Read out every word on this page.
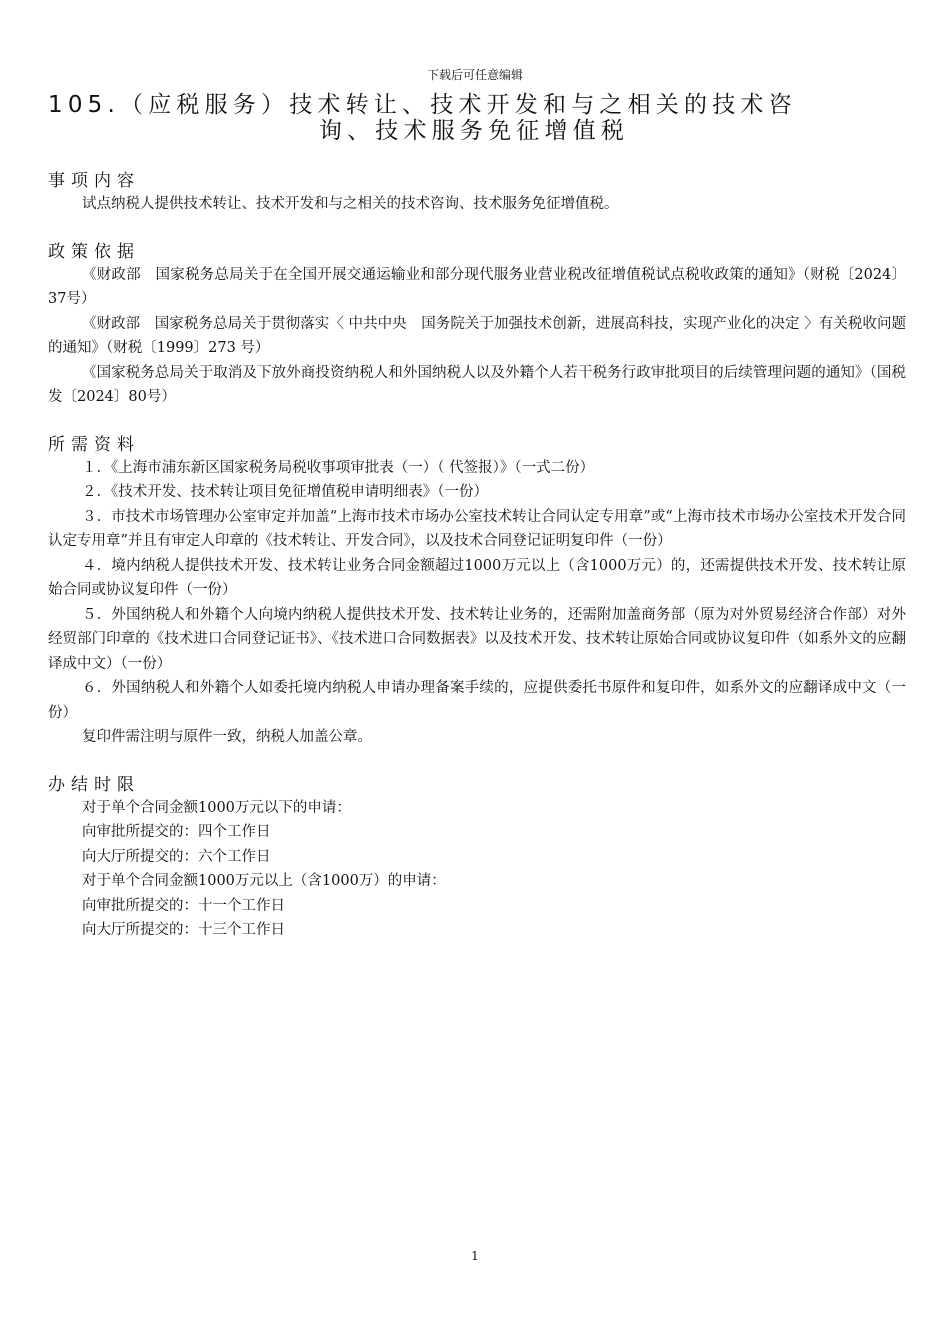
下载后可任意编辑
105.（应税服务）技术转让、技术开发和与之相关的技术咨
询、技术服务免征增值税
事项内容

试点纳税人提供技术转让、技术开发和与之相关的技术咨询、技术服务免征增值税。

政策依据

《财政部　国家税务总局关于在全国开展交通运输业和部分现代服务业营业税改征增值税试点税收政策的通知》（财税〔2024〕37号）

《财政部　国家税务总局关于贯彻落实〈 中共中央　国务院关于加强技术创新，进展高科技，实现产业化的决定 〉有关税收问题的通知》（财税〔1999〕273 号）

《国家税务总局关于取消及下放外商投资纳税人和外国纳税人以及外籍个人若干税务行政审批项目的后续管理问题的通知》（国税发〔2024〕80号）

所需资料

１．《上海市浦东新区国家税务局税收事项审批表（一）（ 代签报）》（一式二份）

２．《技术开发、技术转让项目免征增值税申请明细表》（一份）

３．市技术市场管理办公室审定并加盖“上海市技术市场办公室技术转让合同认定专用章”或“上海市技术市场办公室技术开发合同认定专用章”并且有审定人印章的《技术转让、开发合同》，以及技术合同登记证明复印件（一份）

４．境内纳税人提供技术开发、技术转让业务合同金额超过1000万元以上（含1000万元）的，还需提供技术开发、技术转让原始合同或协议复印件（一份）

５．外国纳税人和外籍个人向境内纳税人提供技术开发、技术转让业务的，还需附加盖商务部（原为对外贸易经济合作部）对外经贸部门印章的《技术进口合同登记证书》、《技术进口合同数据表》以及技术开发、技术转让原始合同或协议复印件（如系外文的应翻译成中文）（一份）

６．外国纳税人和外籍个人如委托境内纳税人申请办理备案手续的，应提供委托书原件和复印件，如系外文的应翻译成中文（一份）

复印件需注明与原件一致，纳税人加盖公章。

办结时限

对于单个合同金额1000万元以下的申请：

向审批所提交的：四个工作日

向大厅所提交的：六个工作日

对于单个合同金额1000万元以上（含1000万）的申请：

向审批所提交的：十一个工作日

向大厅所提交的：十三个工作日

1
